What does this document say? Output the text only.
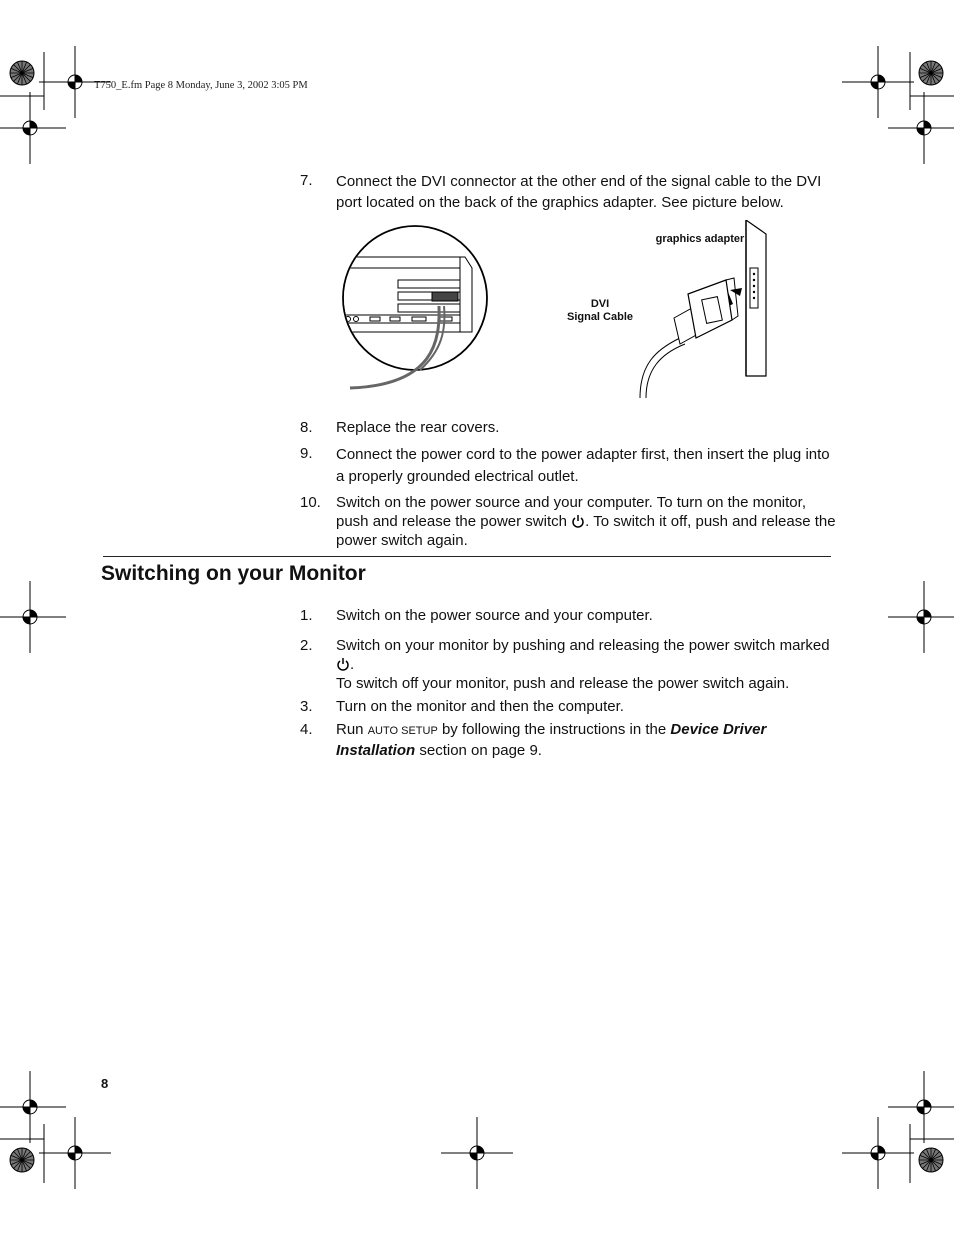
T750_E.fm Page 8 Monday, June 3, 2002 3:05 PM
7. Connect the DVI connector at the other end of the signal cable to the DVI port located on the back of the graphics adapter. See picture below.
graphics adapter
DVI
Signal Cable
8. Replace the rear covers.
9. Connect the power cord to the power adapter first, then insert the plug into a properly grounded electrical outlet.
10. Switch on the power source and your computer. To turn on the monitor, push and release the power switch . To switch it off, push and release the power switch again.
Switching on your Monitor
1. Switch on the power source and your computer.
2. Switch on your monitor by pushing and releasing the power switch marked .
To switch off your monitor, push and release the power switch again.
3. Turn on the monitor and then the computer.
4. Run AUTO SETUP by following the instructions in the Device Driver Installation section on page 9.
8
